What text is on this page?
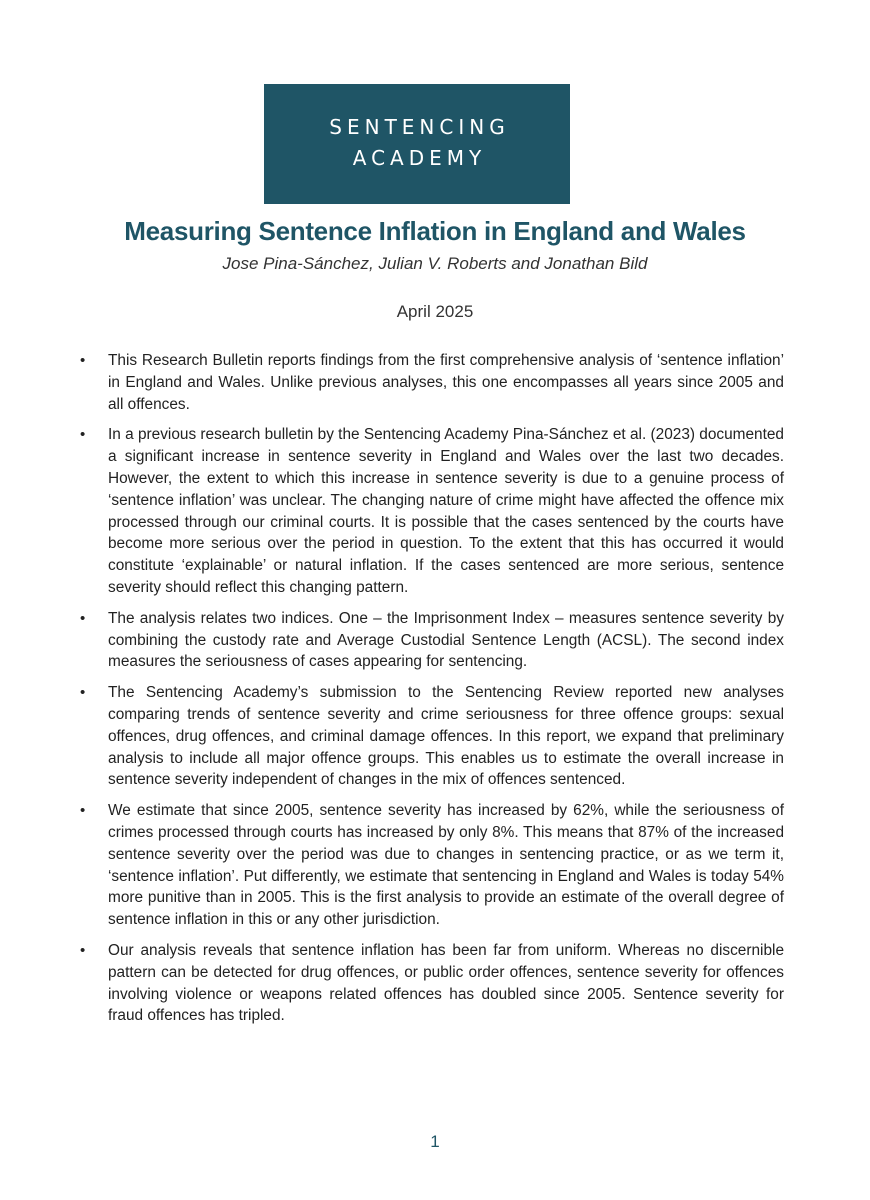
SENTENCING
ACADEMY
Measuring Sentence Inflation in England and Wales
Jose Pina-Sánchez, Julian V. Roberts and Jonathan Bild
April 2025
• This Research Bulletin reports findings from the first comprehensive analysis of ‘sentence inflation’ in England and Wales. Unlike previous analyses, this one encompasses all years since 2005 and all offences.
• In a previous research bulletin by the Sentencing Academy Pina-Sánchez et al. (2023) documented a significant increase in sentence severity in England and Wales over the last two decades. However, the extent to which this increase in sentence severity is due to a genuine process of ‘sentence inflation’ was unclear. The changing nature of crime might have affected the offence mix processed through our criminal courts. It is possible that the cases sentenced by the courts have become more serious over the period in question. To the extent that this has occurred it would constitute ‘explainable’ or natural inflation. If the cases sentenced are more serious, sentence severity should reflect this changing pattern.
• The analysis relates two indices. One – the Imprisonment Index – measures sentence severity by combining the custody rate and Average Custodial Sentence Length (ACSL). The second index measures the seriousness of cases appearing for sentencing.
• The Sentencing Academy’s submission to the Sentencing Review reported new analyses comparing trends of sentence severity and crime seriousness for three offence groups: sexual offences, drug offences, and criminal damage offences. In this report, we expand that preliminary analysis to include all major offence groups. This enables us to estimate the overall increase in sentence severity independent of changes in the mix of offences sentenced.
• We estimate that since 2005, sentence severity has increased by 62%, while the seriousness of crimes processed through courts has increased by only 8%. This means that 87% of the increased sentence severity over the period was due to changes in sentencing practice, or as we term it, ‘sentence inflation’. Put differently, we estimate that sentencing in England and Wales is today 54% more punitive than in 2005. This is the first analysis to provide an estimate of the overall degree of sentence inflation in this or any other jurisdiction.
• Our analysis reveals that sentence inflation has been far from uniform. Whereas no discernible pattern can be detected for drug offences, or public order offences, sentence severity for offences involving violence or weapons related offences has doubled since 2005. Sentence severity for fraud offences has tripled.
1
